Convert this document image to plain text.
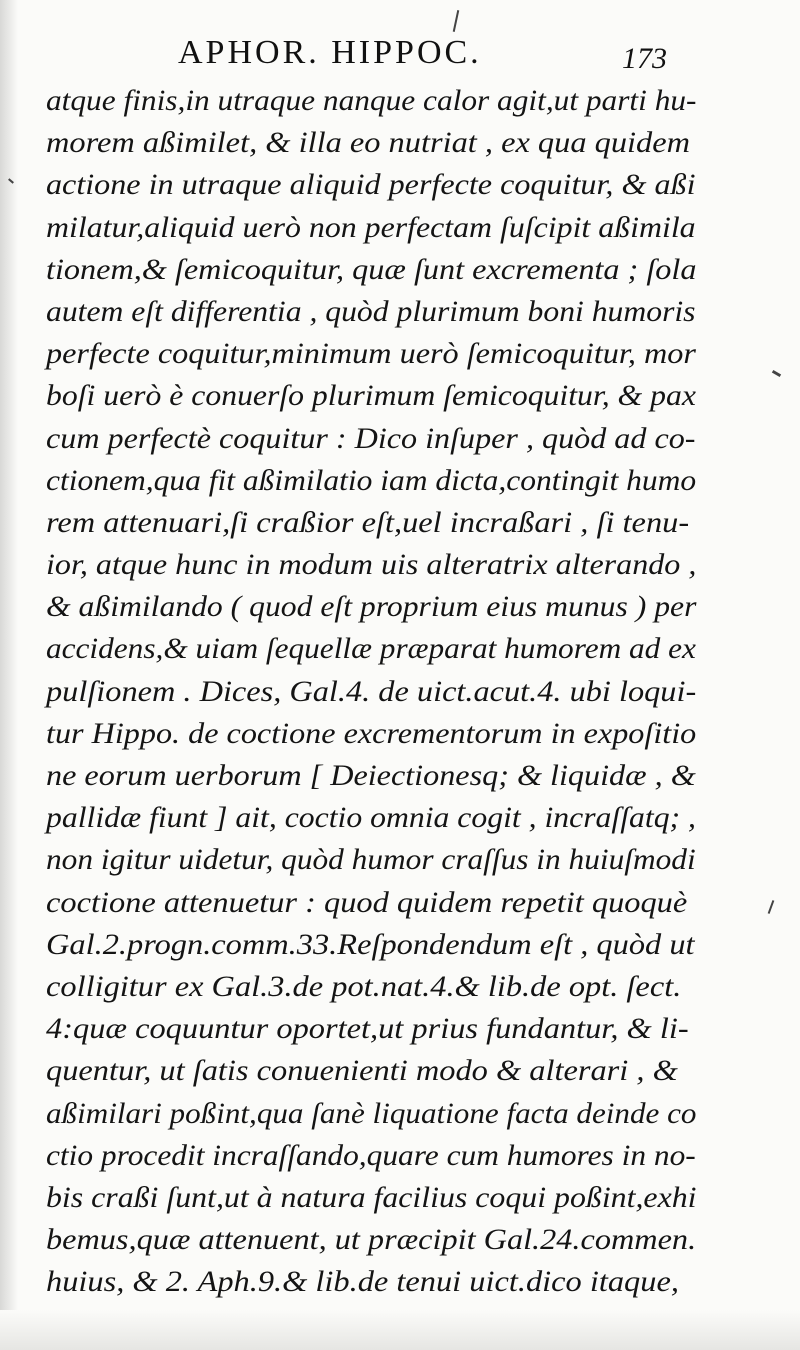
APHOR. HIPPOC.	173
atque finis,in utraque nanque calor agit,ut parti hu-
morem aßimilet, & illa eo nutriat , ex qua quidem
actione in utraque aliquid perfecte coquitur, & aßi
milatur,aliquid uerò non perfectam ſuſcipit aßimila
tionem,& ſemicoquitur, quæ ſunt excrementa ; ſola
autem eſt differentia , quòd plurimum boni humoris
perfecte coquitur,minimum uerò ſemicoquitur, mor
boſi uerò è conuerſo plurimum ſemicoquitur, & pax
cum perfectè coquitur : Dico inſuper , quòd ad co-
ctionem,qua fit aßimilatio iam dicta,contingit humo
rem attenuari,ſi craßior eſt,uel incraßari , ſi tenu-
ior, atque hunc in modum uis alteratrix alterando ,
& aßimilando ( quod eſt proprium eius munus ) per
accidens,& uiam ſequellæ præparat humorem ad ex
pulſionem . Dices, Gal.4. de uict.acut.4. ubi loqui-
tur Hippo. de coctione excrementorum in expoſitio
ne eorum uerborum [ Deiectionesq; & liquidæ , &
pallidæ fiunt ] ait, coctio omnia cogit , incraſſatq; ,
non igitur uidetur, quòd humor craſſus in huiuſmodi
coctione attenuetur : quod quidem repetit quoquè
Gal.2.progn.comm.33.Reſpondendum eſt , quòd ut
colligitur ex Gal.3.de pot.nat.4.& lib.de opt. ſect.
4:quæ coquuntur oportet,ut prius fundantur, & li-
quentur, ut ſatis conuenienti modo & alterari , &
aßimilari poßint,qua ſanè liquatione facta deinde co
ctio procedit incraſſando,quare cum humores in no-
bis craßi ſunt,ut à natura facilius coqui poßint,exhi
bemus,quæ attenuent, ut præcipit Gal.24.commen.
huius, & 2. Aph.9.& lib.de tenui uict.dico itaque,
